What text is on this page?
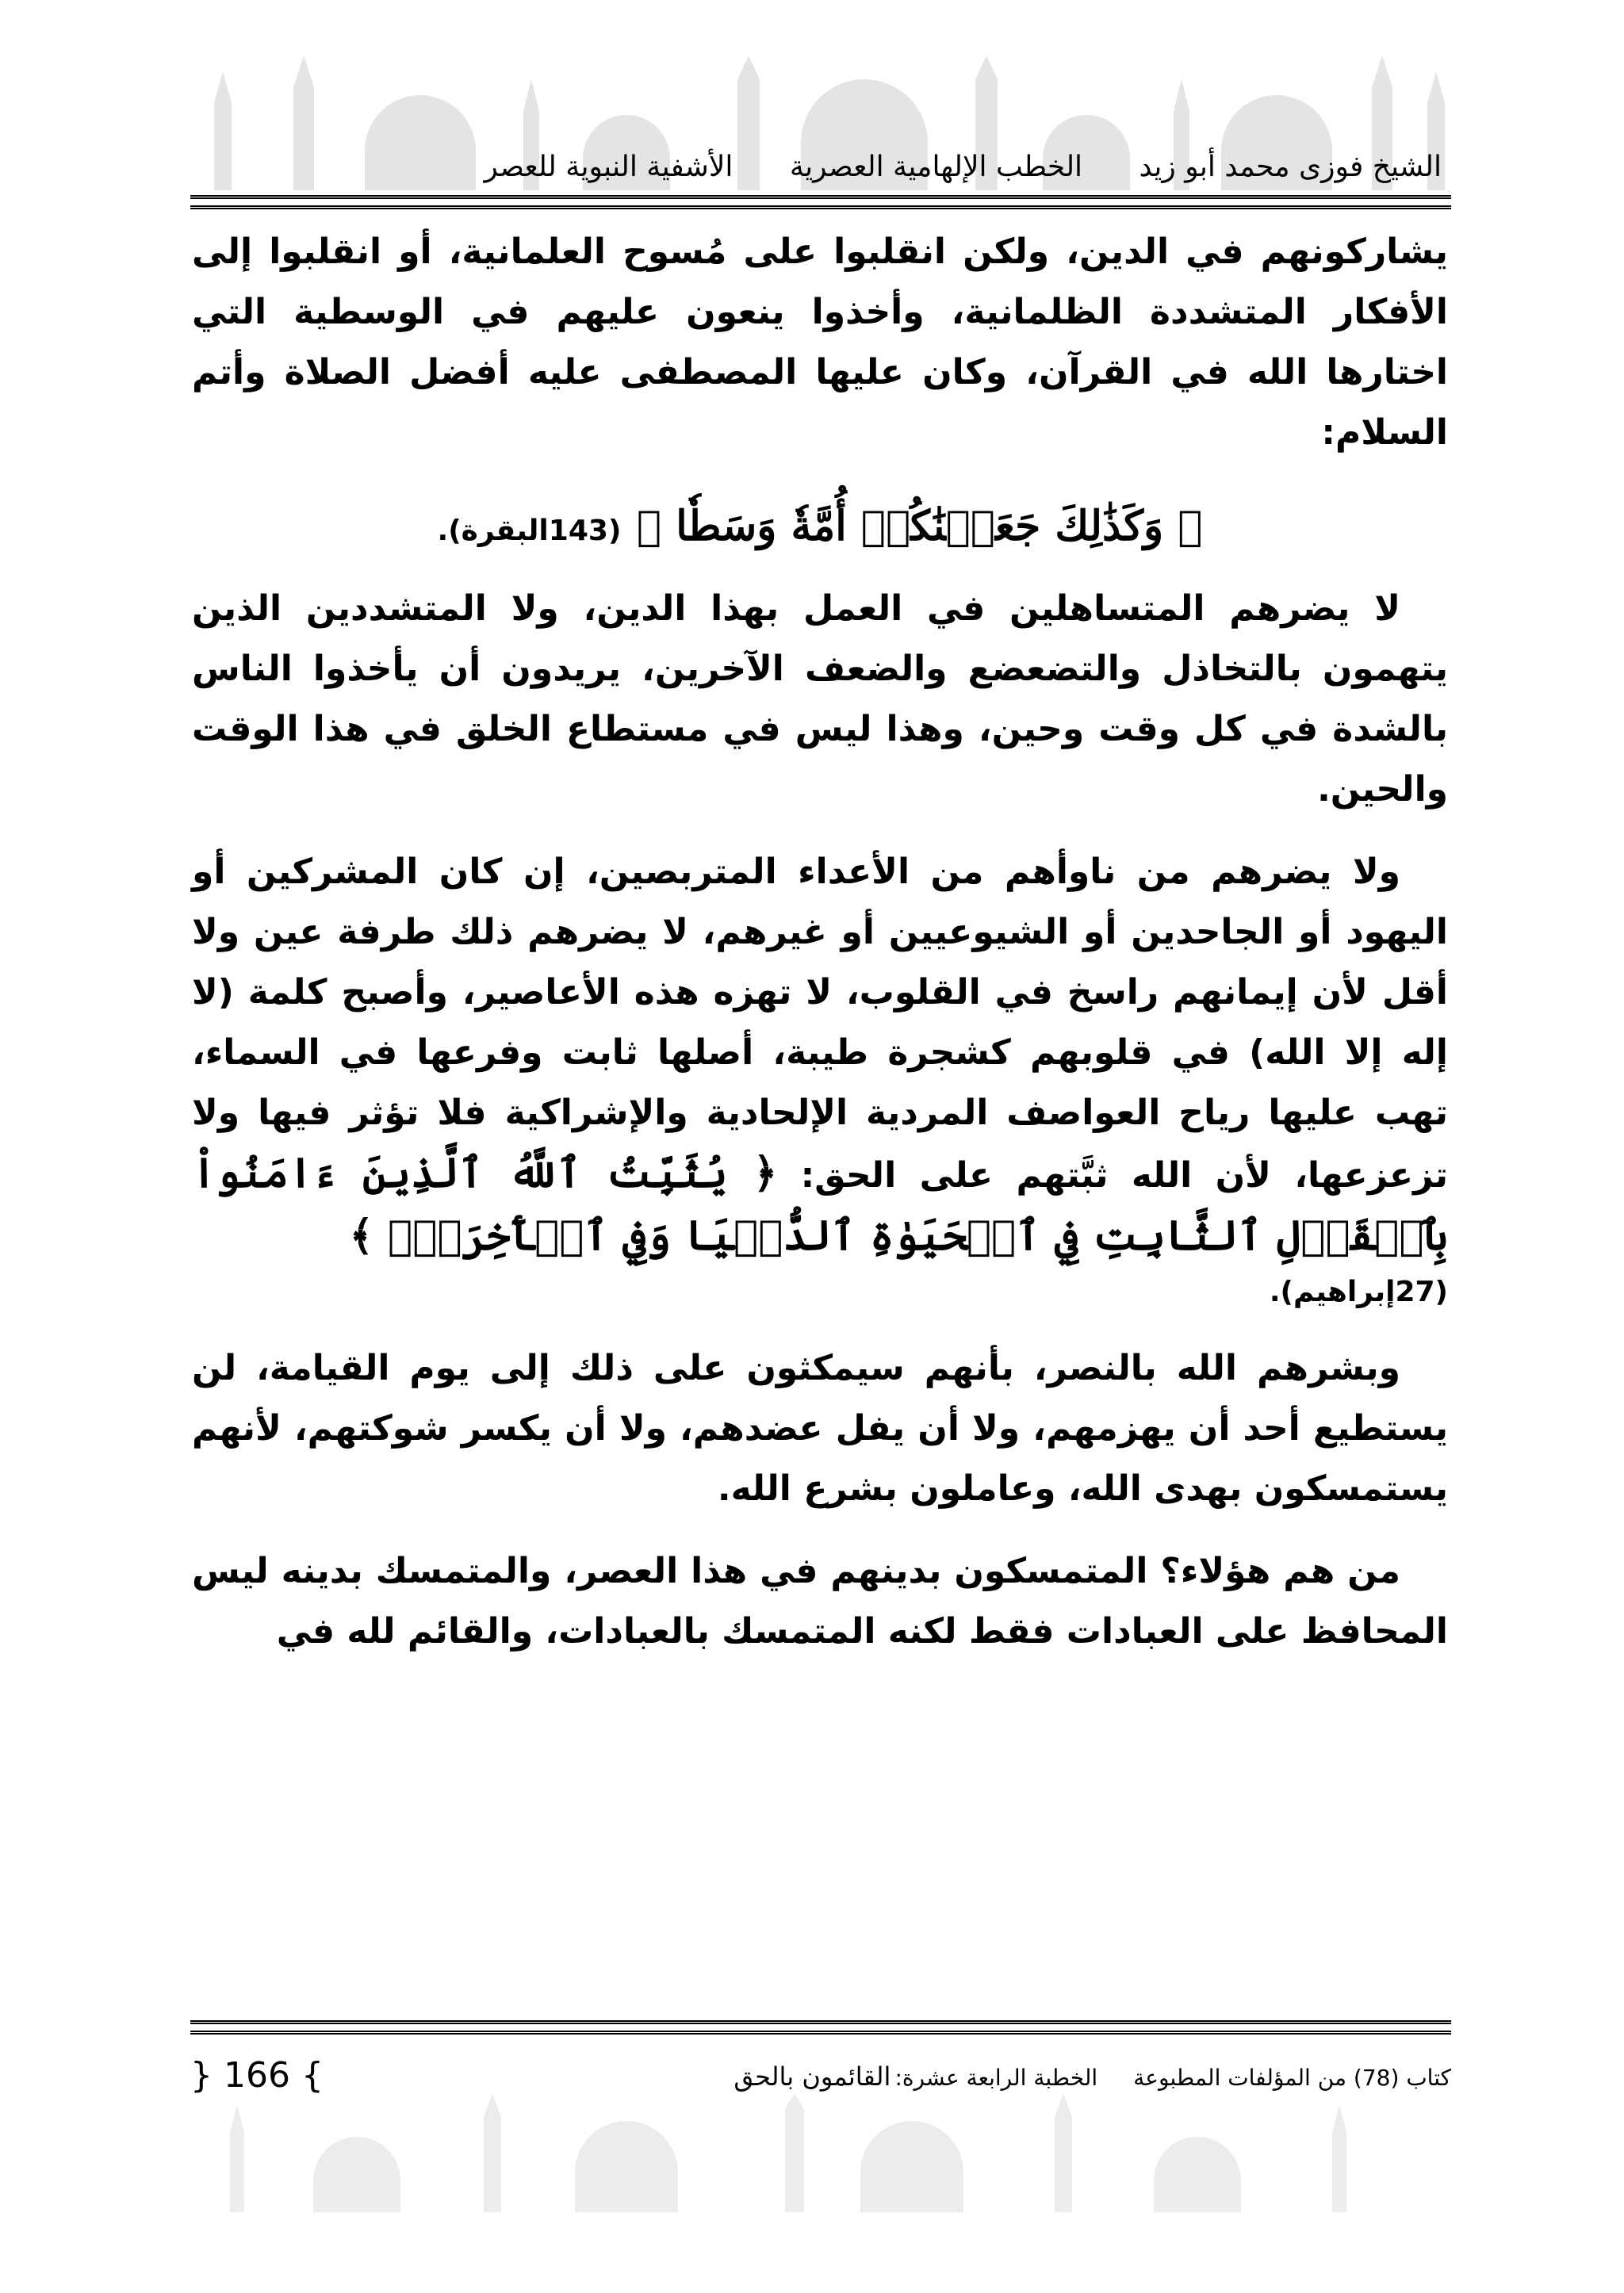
الشيخ فوزى محمد أبو زيد الخطب الإلهامية العصرية الأشفية النبوية للعصر

يشاركونهم في الدين، ولكن انقلبوا على مُسوح العلمانية، أو انقلبوا إلى الأفكار المتشددة الظلمانية، وأخذوا ينعون عليهم في الوسطية التي اختارها الله في القرآن، وكان عليها المصطفى عليه أفضل الصلاة وأتم السلام:

﴿ وَكَذَٰلِكَ جَعَلۡنَٰكُمۡ أُمَّةٗ وَسَطٗا ﴾ (143البقرة).

لا يضرهم المتساهلين في العمل بهذا الدين، ولا المتشددين الذين يتهمون بالتخاذل والتضعضع والضعف الآخرين، يريدون أن يأخذوا الناس بالشدة في كل وقت وحين، وهذا ليس في مستطاع الخلق في هذا الوقت والحين.

ولا يضرهم من ناوأهم من الأعداء المتربصين، إن كان المشركين أو اليهود أو الجاحدين أو الشيوعيين أو غيرهم، لا يضرهم ذلك طرفة عين ولا أقل لأن إيمانهم راسخ في القلوب، لا تهزه هذه الأعاصير، وأصبح كلمة (لا إله إلا الله) في قلوبهم كشجرة طيبة، أصلها ثابت وفرعها في السماء، تهب عليها رياح العواصف المردية الإلحادية والإشراكية فلا تؤثر فيها ولا تزعزعها، لأن الله ثبَّتهم على الحق: ﴿ يُثَبِّتُ ٱللَّهُ ٱلَّذِينَ ءَامَنُواْ بِٱلۡقَوۡلِ ٱلثَّابِتِ فِي ٱلۡحَيَوٰةِ ٱلدُّنۡيَا وَفِي ٱلۡأٓخِرَةِۖ ﴾

(27إبراهيم).

وبشرهم الله بالنصر، بأنهم سيمكثون على ذلك إلى يوم القيامة، لن يستطيع أحد أن يهزمهم، ولا أن يفل عضدهم، ولا أن يكسر شوكتهم، لأنهم يستمسكون بهدى الله، وعاملون بشرع الله.

من هم هؤلاء؟ المتمسكون بدينهم في هذا العصر، والمتمسك بدينه ليس المحافظ على العبادات فقط لكنه المتمسك بالعبادات، والقائم لله في

كتاب (78) من المؤلفات المطبوعة الخطبة الرابعة عشرة: القائمون بالحق
} 166 {
